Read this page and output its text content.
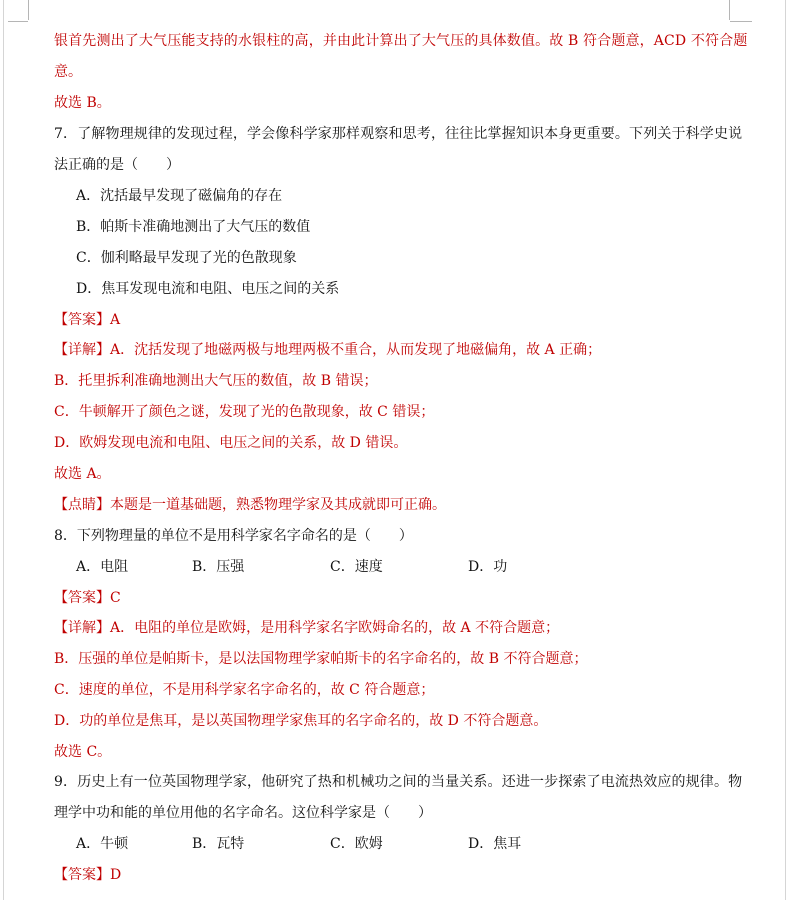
银首先测出了大气压能支持的水银柱的高，并由此计算出了大气压的具体数值。故 B 符合题意，ACD 不符合题
意。
故选 B。
7．了解物理规律的发现过程，学会像科学家那样观察和思考，往往比掌握知识本身更重要。下列关于科学史说
法正确的是（　　）
A．沈括最早发现了磁偏角的存在
B．帕斯卡准确地测出了大气压的数值
C．伽利略最早发现了光的色散现象
D．焦耳发现电流和电阻、电压之间的关系
【答案】A
【详解】A．沈括发现了地磁两极与地理两极不重合，从而发现了地磁偏角，故 A 正确；
B．托里拆利准确地测出大气压的数值，故 B 错误；
C．牛顿解开了颜色之谜，发现了光的色散现象，故 C 错误；
D．欧姆发现电流和电阻、电压之间的关系，故 D 错误。
故选 A。
【点睛】本题是一道基础题，熟悉物理学家及其成就即可正确。
8．下列物理量的单位不是用科学家名字命名的是（　　）
A．电阻	B．压强	C．速度	D．功
【答案】C
【详解】A．电阻的单位是欧姆，是用科学家名字欧姆命名的，故 A 不符合题意；
B．压强的单位是帕斯卡，是以法国物理学家帕斯卡的名字命名的，故 B 不符合题意；
C．速度的单位，不是用科学家名字命名的，故 C 符合题意；
D．功的单位是焦耳，是以英国物理学家焦耳的名字命名的，故 D 不符合题意。
故选 C。
9．历史上有一位英国物理学家，他研究了热和机械功之间的当量关系。还进一步探索了电流热效应的规律。物
理学中功和能的单位用他的名字命名。这位科学家是（　　）
A．牛顿	B．瓦特	C．欧姆	D．焦耳
【答案】D
